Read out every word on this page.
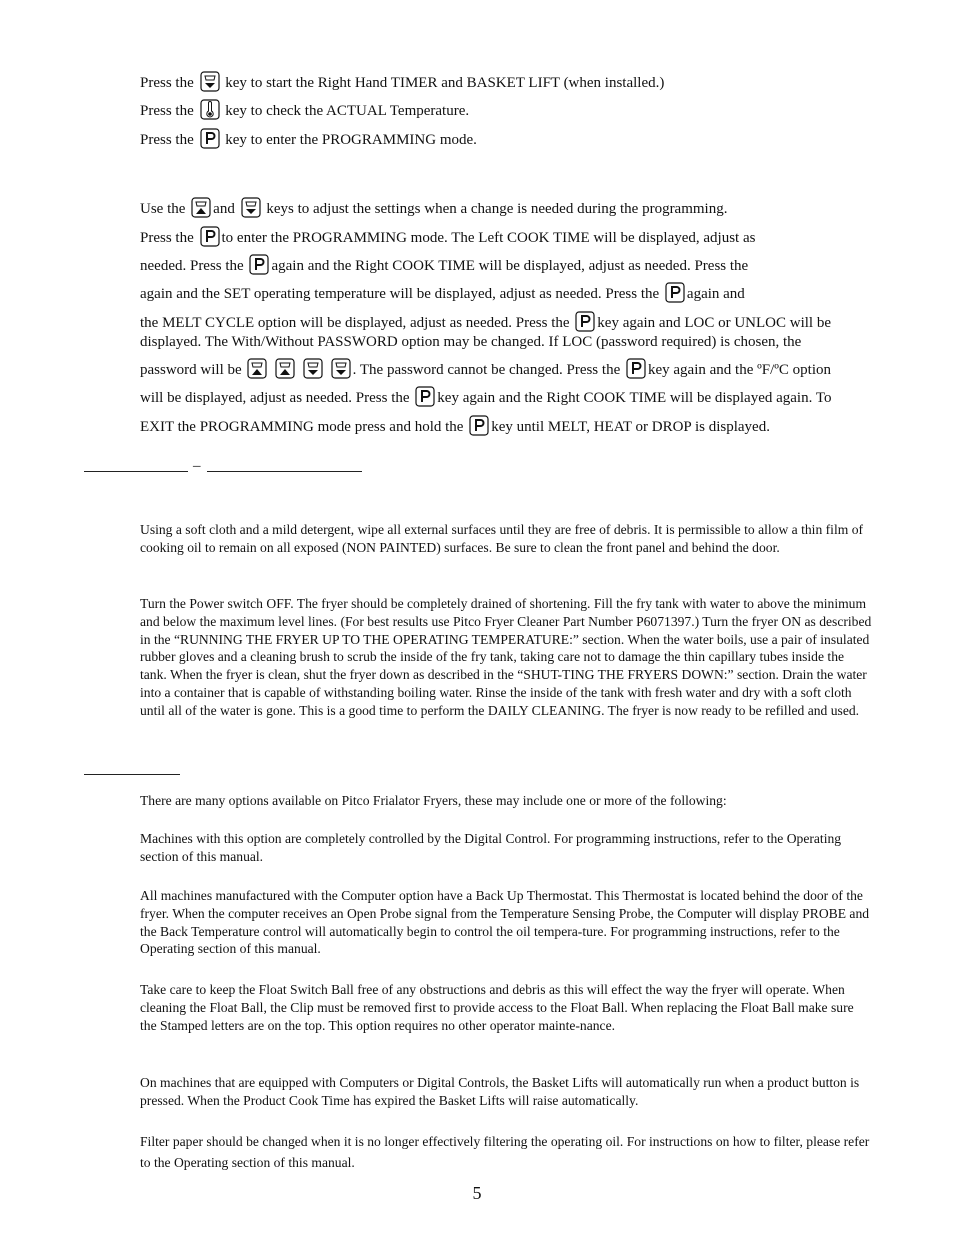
Press the key to start the Right Hand TIMER and BASKET LIFT (when installed.)
Press the key to check the ACTUAL Temperature.
Press the key to enter the PROGRAMMING mode.
Use the and keys to adjust the settings when a change is needed during the programming.
Press the to enter the PROGRAMMING mode. The Left COOK TIME will be displayed, adjust as
needed. Press the again and the Right COOK TIME will be displayed, adjust as needed. Press the
again and the SET operating temperature will be displayed, adjust as needed. Press the again and
the MELT CYCLE option will be displayed, adjust as needed. Press the key again and LOC or UNLOC will be
displayed. The With/Without PASSWORD option may be changed. If LOC (password required) is chosen, the
password will be

	. The password cannot be changed. Press the key again and the ºF/ºC option
will be displayed, adjust as needed. Press the key again and the Right COOK TIME will be displayed again. To
EXIT the PROGRAMMING mode press and hold the key until MELT, HEAT or DROP is displayed.
–
Using a soft cloth and a mild detergent, wipe all external surfaces until they are free of debris. It is permissible to allow a thin film of cooking oil to remain on all exposed (NON PAINTED) surfaces. Be sure to clean the front panel and behind the door.
Turn the Power switch OFF. The fryer should be completely drained of shortening. Fill the fry tank with water to above the minimum and below the maximum level lines. (For best results use Pitco Fryer Cleaner Part Number P6071397.) Turn the fryer ON as described in the “RUNNING THE FRYER UP TO THE OPERATING TEMPERATURE:” section. When the water boils, use a pair of insulated rubber gloves and a cleaning brush to scrub the inside of the fry tank, taking care not to damage the thin capillary tubes inside the tank. When the fryer is clean, shut the fryer down as described in the “SHUT-TING THE FRYERS DOWN:” section. Drain the water into a container that is capable of withstanding boiling water. Rinse the inside of the tank with fresh water and dry with a soft cloth until all of the water is gone. This is a good time to perform the DAILY CLEANING. The fryer is now ready to be refilled and used.
There are many options available on Pitco Frialator Fryers, these may include one or more of the following:
Machines with this option are completely controlled by the Digital Control. For programming instructions, refer to the Operating section of this manual.
All machines manufactured with the Computer option have a Back Up Thermostat. This Thermostat is located behind the door of the fryer. When the computer receives an Open Probe signal from the Temperature Sensing Probe, the Computer will display PROBE and the Back Temperature control will automatically begin to control the oil tempera-ture. For programming instructions, refer to the Operating section of this manual.
Take care to keep the Float Switch Ball free of any obstructions and debris as this will effect the way the fryer will operate. When cleaning the Float Ball, the Clip must be removed first to provide access to the Float Ball. When replacing the Float Ball make sure the Stamped letters are on the top. This option requires no other operator mainte-nance.
On machines that are equipped with Computers or Digital Controls, the Basket Lifts will automatically run when a product button is pressed. When the Product Cook Time has expired the Basket Lifts will raise automatically.
Filter paper should be changed when it is no longer effectively filtering the operating oil. For instructions on how to filter, please refer to the Operating section of this manual.
5
